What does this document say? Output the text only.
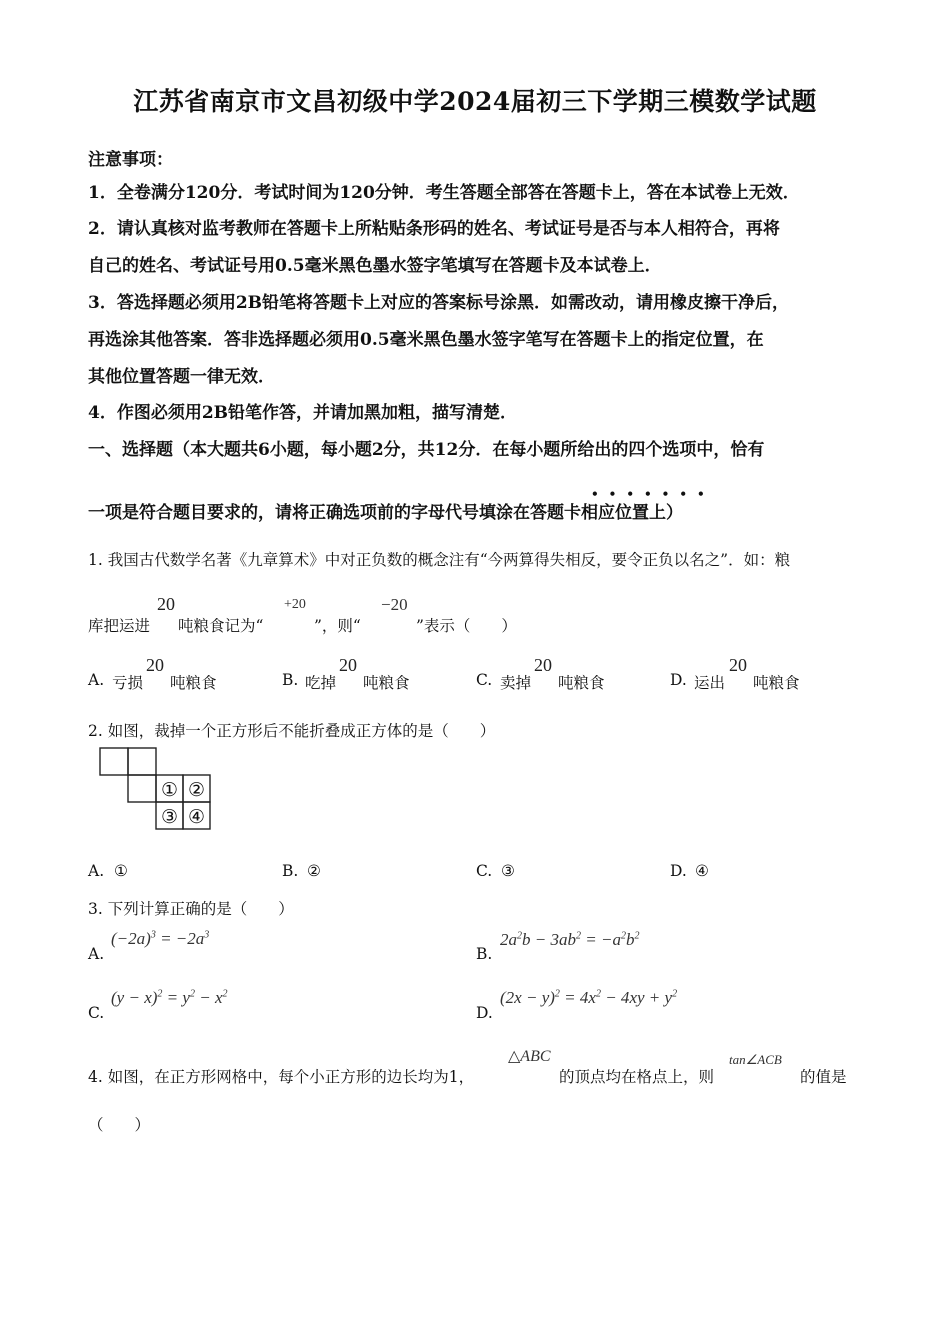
江苏省南京市文昌初级中学2024届初三下学期三模数学试题
注意事项：
1．全卷满分120分．考试时间为120分钟．考生答题全部答在答题卡上，答在本试卷上无效．
2．请认真核对监考教师在答题卡上所粘贴条形码的姓名、考试证号是否与本人相符合，再将
自己的姓名、考试证号用0.5毫米黑色墨水签字笔填写在答题卡及本试卷上．
3．答选择题必须用2B铅笔将答题卡上对应的答案标号涂黑．如需改动，请用橡皮擦干净后，
再选涂其他答案．答非选择题必须用0.5毫米黑色墨水签字笔写在答题卡上的指定位置，在
其他位置答题一律无效．
4．作图必须用2B铅笔作答，并请加黑加粗，描写清楚．
一、选择题（本大题共6小题，每小题2分，共12分．在每小题所给出的四个选项中，恰有
•••••••
一项是符合题目要求的，请将正确选项前的字母代号填涂在答题卡相应位置上）
1. 我国古代数学名著《九章算术》中对正负数的概念注有“今两算得失相反，要令正负以名之”．如：粮
库把运进
20
吨粮食记为“
+20
”，则“
−20
”表示（　　）
A. 亏损
20
吨粮食	B. 吃掉
20
吨粮食	C. 卖掉
20
吨粮食	D. 运出
20
吨粮食
2. 如图，裁掉一个正方形后不能折叠成正方体的是（　　）
① ②
③ ④
A. ①	B. ②	C. ③	D. ④
3. 下列计算正确的是（　　）
A.
$(-2a)^3 = -2a^3$
B.
$2a^2b - 3ab^2 = -a^2b^2$
C.
$(y - x)^2 = y^2 - x^2$
D.
$(2x - y)^2 = 4x^2 - 4xy + y^2$
4. 如图，在正方形网格中，每个小正方形的边长均为1，
△ABC
的顶点均在格点上，则
tan∠ACB
的值是
（　　）
